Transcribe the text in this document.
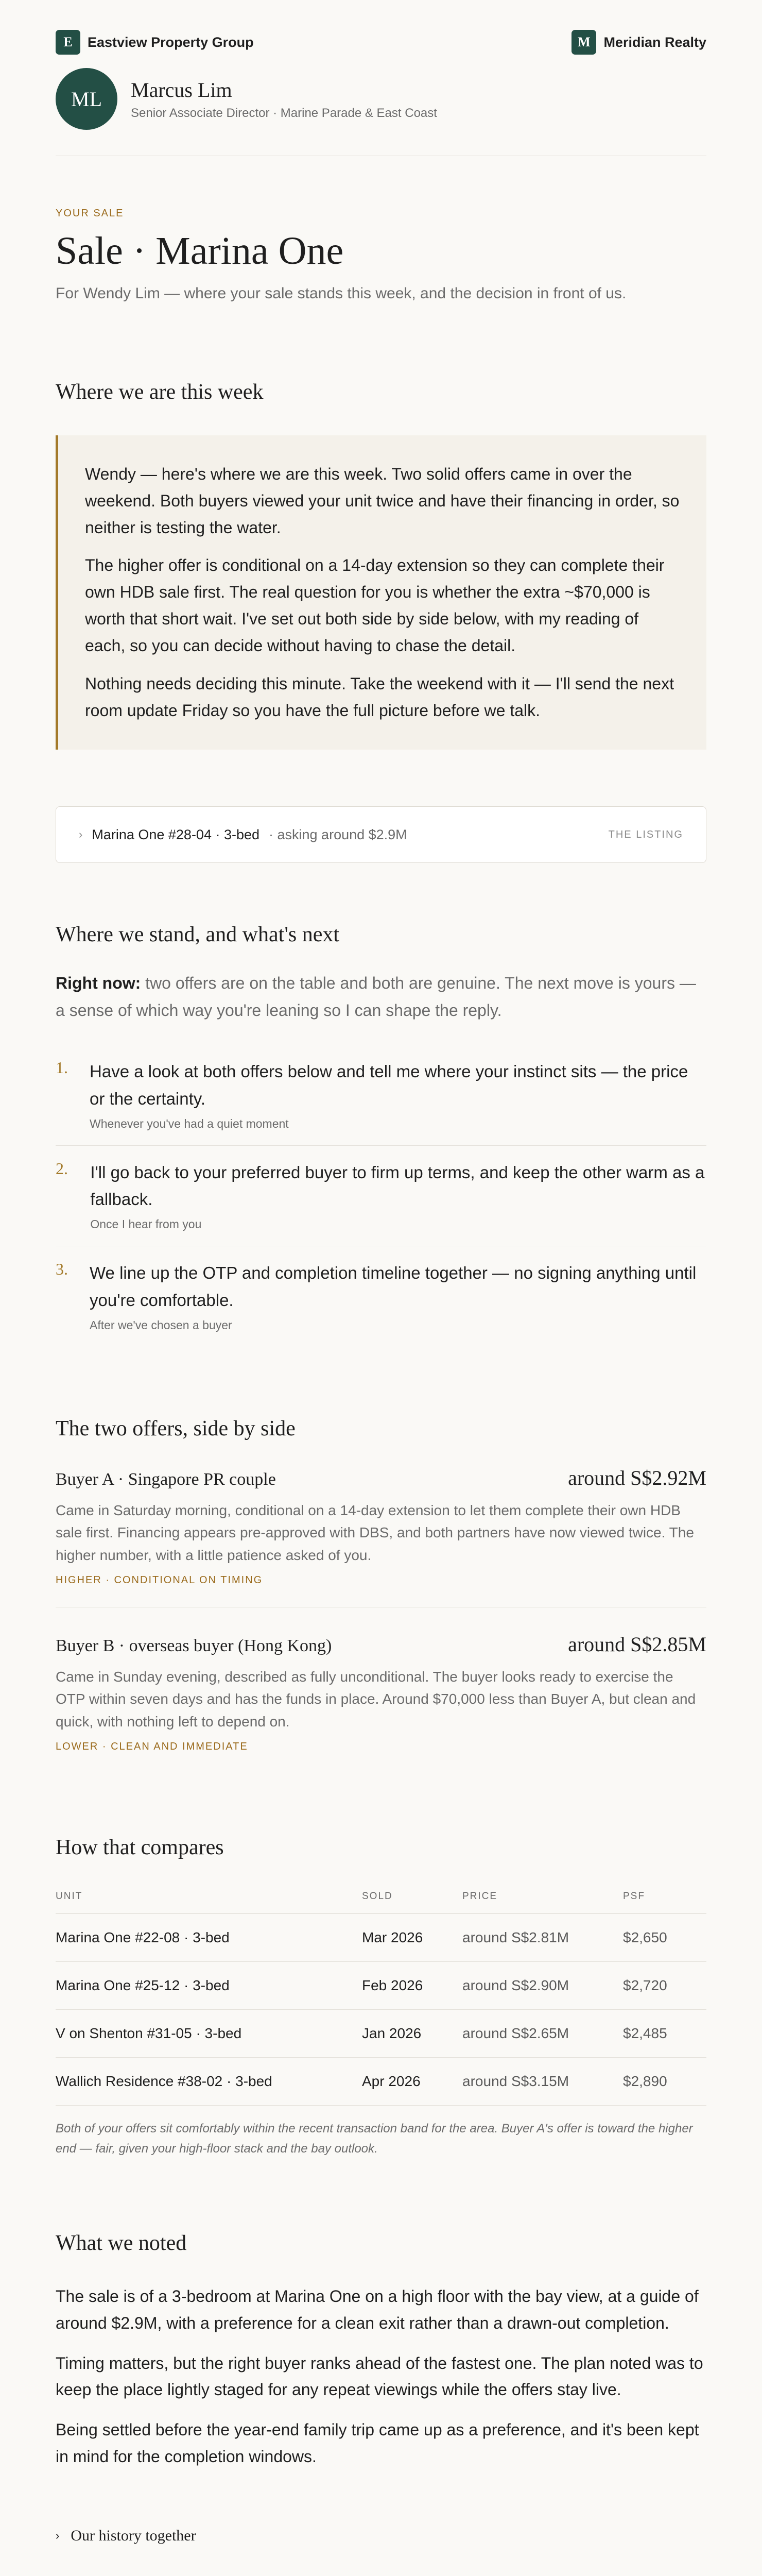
E	Eastview Property Group	M Meridian Realty
ML	Marcus Lim
Senior Associate Director · Marine Parade & East Coast
YOUR SALE
Sale · Marina One
For Wendy Lim — where your sale stands this week, and the decision in front of us.
Where we are this week

Wendy — here's where we are this week. Two solid offers came in over the weekend. Both buyers viewed your unit twice and have their financing in order, so neither is testing the water.

The higher offer is conditional on a 14-day extension so they can complete their own HDB sale first. The real question for you is whether the extra ~$70,000 is worth that short wait. I've set out both side by side below, with my reading of each, so you can decide without having to chase the detail.

Nothing needs deciding this minute. Take the weekend with it — I'll send the next room update Friday so you have the full picture before we talk.

› Marina One #28-04 · 3-bed · asking around $2.9M	THE LISTING
Where we stand, and what's next

Right now: two offers are on the table and both are genuine. The next move is yours — a sense of which way you're leaning so I can shape the reply.

1. Have a look at both offers below and tell me where your instinct sits — the price or the certainty.
Whenever you've had a quiet moment
2. I'll go back to your preferred buyer to firm up terms, and keep the other warm as a fallback.
Once I hear from you
3. We line up the OTP and completion timeline together — no signing anything until you're comfortable.
After we've chosen a buyer
The two offers, side by side
Buyer A · Singapore PR couple	around S$2.92M
Came in Saturday morning, conditional on a 14-day extension to let them complete their own HDB sale first. Financing appears pre-approved with DBS, and both partners have now viewed twice. The higher number, with a little patience asked of you.
HIGHER · CONDITIONAL ON TIMING
Buyer B · overseas buyer (Hong Kong)	around S$2.85M
Came in Sunday evening, described as fully unconditional. The buyer looks ready to exercise the OTP within seven days and has the funds in place. Around $70,000 less than Buyer A, but clean and quick, with nothing left to depend on.
LOWER · CLEAN AND IMMEDIATE
How that compares
UNIT	SOLD	PRICE	PSF
Marina One #22-08 · 3-bed	Mar 2026	around S$2.81M	$2,650
Marina One #25-12 · 3-bed	Feb 2026	around S$2.90M	$2,720
V on Shenton #31-05 · 3-bed	Jan 2026	around S$2.65M	$2,485
Wallich Residence #38-02 · 3-bed	Apr 2026	around S$3.15M	$2,890

Both of your offers sit comfortably within the recent transaction band for the area. Buyer A's offer is toward the higher end — fair, given your high-floor stack and the bay outlook.

What we noted

The sale is of a 3-bedroom at Marina One on a high floor with the bay view, at a guide of around $2.9M, with a preference for a clean exit rather than a drawn-out completion.

Timing matters, but the right buyer ranks ahead of the fastest one. The plan noted was to keep the place lightly staged for any repeat viewings while the offers stay live.

Being settled before the year-end family trip came up as a preference, and it's been kept in mind for the completion windows.

› Our history together
